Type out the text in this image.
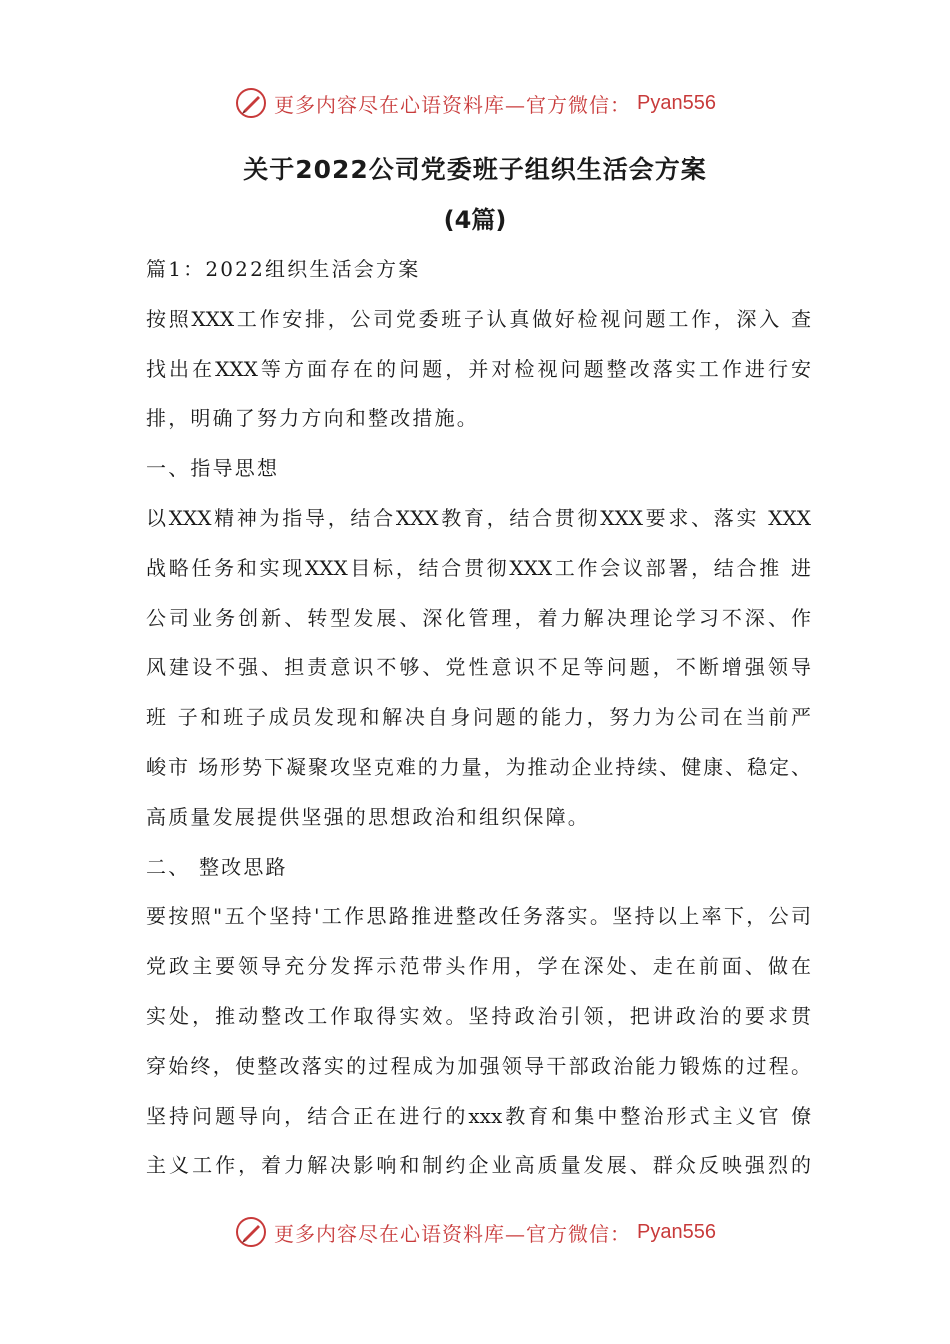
更多内容尽在心语资料库—官方微信： Pyan556
关于2022公司党委班子组织生活会方案
(4篇)
篇1：2022组织生活会方案
按照XXX工作安排，公司党委班子认真做好检视问题工作，深入 查
找出在XXX等方面存在的问题，并对检视问题整改落实工作进行安
排，明确了努力方向和整改措施。
一、指导思想
以XXX精神为指导，结合XXX教育，结合贯彻XXX要求、落实 XXX
战略任务和实现XXX目标，结合贯彻XXX工作会议部署，结合推 进
公司业务创新、转型发展、深化管理，着力解决理论学习不深、作
风建设不强、担责意识不够、党性意识不足等问题，不断增强领导
班 子和班子成员发现和解决自身问题的能力，努力为公司在当前严
峻市 场形势下凝聚攻坚克难的力量，为推动企业持续、健康、稳定、
高质量发展提供坚强的思想政治和组织保障。
二、 整改思路
要按照"五个坚持'工作思路推进整改任务落实。坚持以上率下，公司
党政主要领导充分发挥示范带头作用，学在深处、走在前面、做在
实处，推动整改工作取得实效。坚持政治引领，把讲政治的要求贯
穿始终，使整改落实的过程成为加强领导干部政治能力锻炼的过程。
坚持问题导向，结合正在进行的xxx教育和集中整治形式主义官 僚
主义工作，着力解决影响和制约企业高质量发展、群众反映强烈的
更多内容尽在心语资料库—官方微信： Pyan556
